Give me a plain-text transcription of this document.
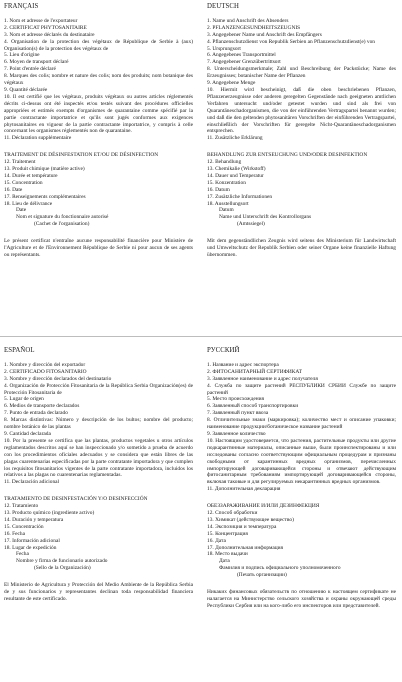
FRANÇAIS

1. Nom et adresse de l'exportateur

2. CERTIFICAT PHYTOSANITAIRE

3. Nom et adresse déclarés du destinataire

4. Organisation de la protection des végétaux de République de Serbie à (aux) Organisation(s) de la protection des végétaux de

5. Lieu d'origine

6. Moyen de transport déclaré

7. Point d'entrée déclaré

8. Marques des colis; nombre et nature des colis; nom des produits; nom botanique des végétaux

9. Quantité déclarée

10. Il est certifié que les végétaux, produits végétaux ou autres articles réglementés décrits ci-dessus ont été inspectés et/ou testés suivant des procédures officielles appropriées et estimés exempts d'organismes de quarantaine comme spécifié par la partie contractante importatrice et qu'ils sont jugés conformes aux exigences phytosanitaires en vigueur de la partie contractante importatrice, y compris à celle concernant les organismes réglementés non de quarantaine.

11. Déclaration supplémentaire

TRAITEMENT DE DÉSINFESTATION ET/OU DE DÉSINFECTION

12. Traitement

13. Produit chimique (matière active)

14. Durée et température

15. Concentration

16. Date

17. Renseignements complémentaires

18. Lieu de délivrance

Date

Nom et signature du fonctionnaire autorisé

(Cachet de l'organisation)

Le présent certificat n'entraîne aucune responsabilité financière pour Ministère de l'Agriculture et de l'Environnement République de Serbie ni pour aucun de ses agents ou représentants.

DEUTSCH

1. Name und Anschrift des Absenders

2. PFLANZENGESUNDHEITSZEUGNIS

3. Angegebener Name und Anschrift des Empfängers

4. Pflanzenschutzdienst von Republik Serbien an Pflanzenschutzdienst(e) von

5. Ursprungsort

6. Angegebenes Transportmittel

7. Angegebener Grenzübertrittsort

8. Unterscheidungsmerkmale; Zahl und Beschreibung der Packstücke; Name des Erzeugnisses; botanischer Name der Pflanzen

9. Angegebene Menge

10. Hiermit wird bescheinigt, daß die oben beschriebenen Pflanzen, Pflanzenerzeugnisse oder anderen geregelten Gegenstände nach geeigneten amtlichen Verfahren untersucht und/oder getestet wurden und sind als frei von Quarantäneschadorganismen, die von der einführenden Vertragspartei benannt wurden; und daß die den geltenden phytosanitären Vorschriften der einführenden Vertragspartei, einschließlich der Vorschriften für geregelte Nicht-Quarantäneschadorganismen entsprechen.

11. Zusätzliche Erklärung

BEHANDLUNG ZUR ENTSEUCHUNG UND/ODER DESINFEKTION

12. Behandlung

13. Chemikalie (Wirkstoff)

14. Dauer und Temperatur

15. Konzentration

16. Datum

17. Zusätzliche Informationen

18. Ausstellungsort

Datum

Name und Unterschrift des Kontrollorgans

(Amtssiegel)

Mit dem gegenständlichen Zeugnis wird seitens des Ministerium für Landwirtschaft und Umweltschutz der Republik Serbien oder seiner Organe keine finanzielle Haftung übernommen.

ESPAÑOL

1. Nombre y dirección del exportador

2. CERTIFICADO FITOSANITARIO

3. Nombre y dirección declarados del destinatario

4. Organización de Protección Fitosanitaria de la República Serbia Organización(es) de Protección Fitosanitaria de

5. Lugar de origen

6. Medios de transporte declarados

7. Punto de entrada declarado

8. Marcas distintivas: Número y descripción de los bultos; nombre del producto; nombre botánico de las plantas

9. Cantidad declarada

10. Por la presente se certifica que las plantas, productos vegetales u otros artículos reglamentados descritos aquí se han inspeccionado y/o sometido a prueba de acuerdo con los procedimientos oficiales adecuados y se considera que están libres de las plagas cuarentenarias especificadas por la parte contratante importadora y que cumplen los requisitos fitosanitarios vigentes de la parte contratante importadora, incluidos los relativos a las plagas no cuarentenarias reglamentadas.

11. Declaración adicional

TRATAMIENTO DE DESINFESTACIÓN Y/O DESINFECCIÓN

12. Tratamiento

13. Producto químico (ingrediente activo)

14. Duración y temperatura

15. Concentración

16. Fecha

17. Información adicional

18. Lugar de expedición

Fecha

Nombre y firma de funcionario autorizado

(Sello de la Organización)

El Ministerio de Agricultura y Protección del Medio Ambiente de la República Serbia de y sus funcionarios y representantes declinan toda responsabilidad financiera resultante de este certificado.

РУССКИЙ

1. Название и адрес экспортера

2. ФИТОСАНИТАРНЫЙ СЕРТИФИКАТ

3. Заявленное наименование и адрес получателя

4. Служба по защите растений РЕСПУБЛИКИ СРБИИ Службе по защите растений

5. Место происхождения

6. Заявленный способ транспортировки

7. Заявленный пункт ввоза

8. Отличительные знаки (маркировка); количество мест и описание упаковки; наименование продукции/ботаническое название растений

9. Заявленное количество

10. Настоящим удостоверяется, что растения, растительные продукты или другие подкарантинные материалы, описанные выше, были проинспектированы и или исследованы согласно соответствующим официальным процедурам и признаны свободными от карантинных вредных организмов, перечисленных импортирующей договаривающейся стороны и отвечают действующим фитосанитарным требованиям импортирующей договаривающейся стороны, включая таковые и для регулируемых некарантинных вредных организмов.

11. Дополнительная декларация

ОБЕЗЗАРАЖИВАНИЕ И/ИЛИ ДЕЗИНФЕКЦИЯ

12. Способ обработки

13. Химикат (действующее вещество)

14. Экспозиция и температура

15. Концентрация

16. Дата

17. Дополнительная информация

18. Место выдачи

Дата

Фамилия и подпись официального уполномоченного

(Печать организации)

Никаких финансовых обязательств по отношению к настоящем сертификате не налагается на Министерство сельского хозяйства и охраны окружающей среды Республики Сербия или на кого-либо его инспекторов или представителей.
